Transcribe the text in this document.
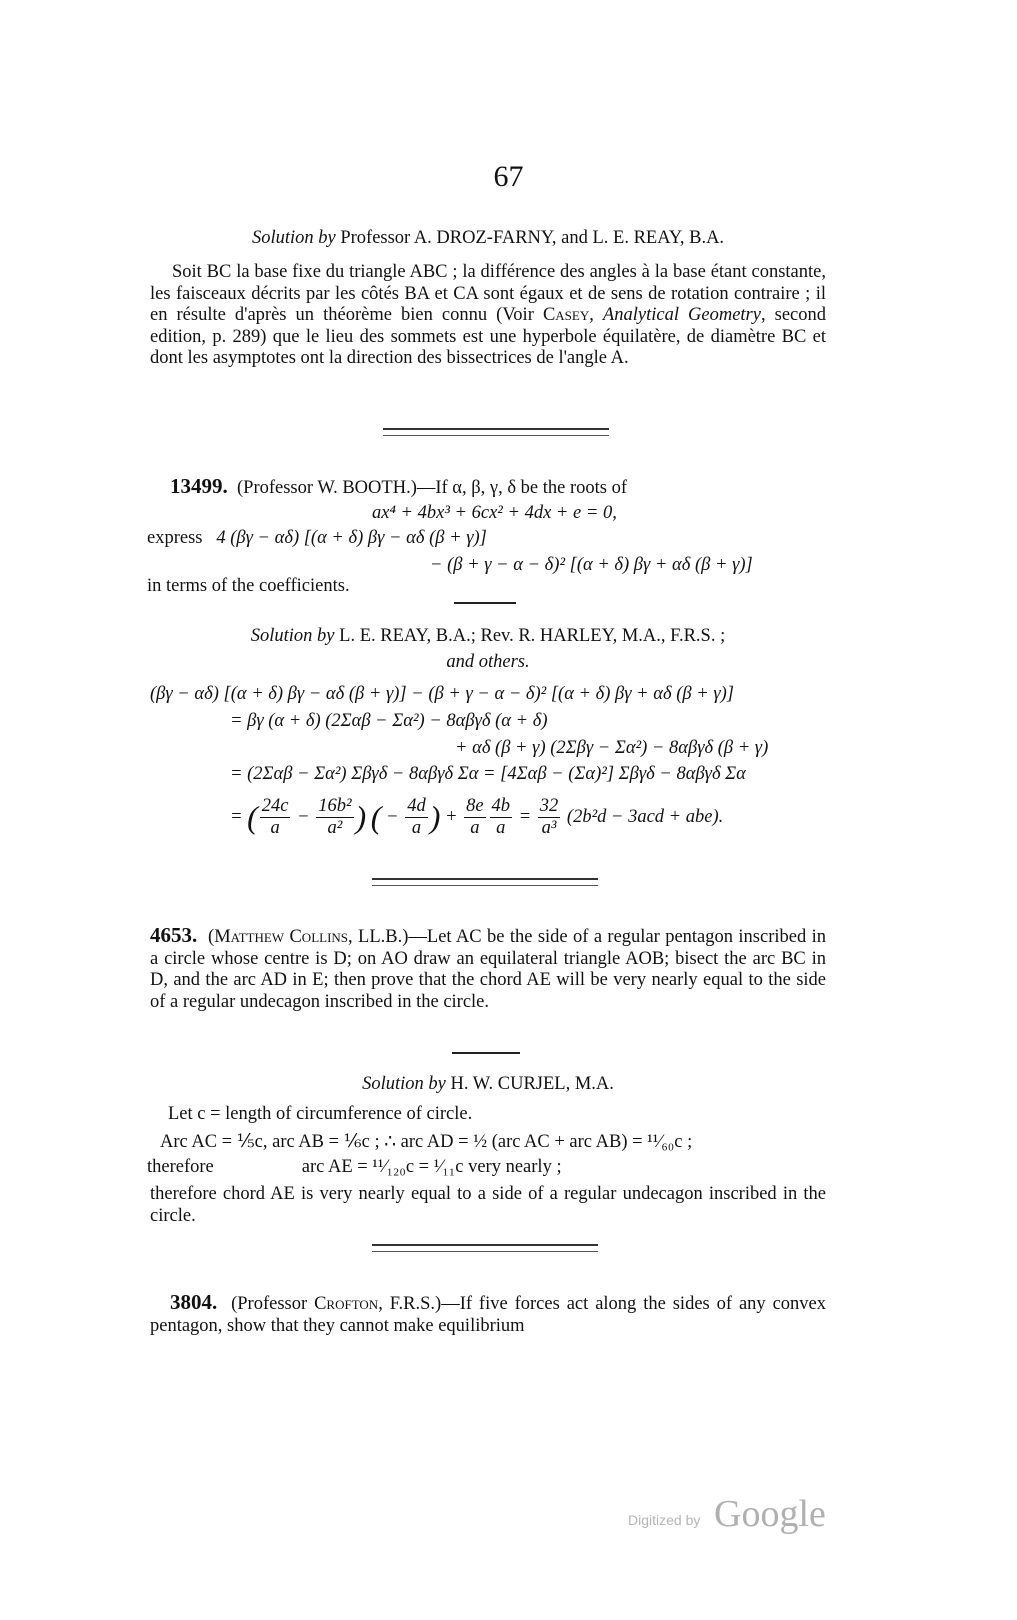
67
Solution by Professor A. DROZ-FARNY, and L. E. REAY, B.A.
Soit BC la base fixe du triangle ABC ; la différence des angles à la base étant constante, les faisceaux décrits par les côtés BA et CA sont égaux et de sens de rotation contraire ; il en résulte d'après un théorème bien connu (Voir Casey, Analytical Geometry, second edition, p. 289) que le lieu des sommets est une hyperbole équilatère, de diamètre BC et dont les asymptotes ont la direction des bissectrices de l'angle A.
13499. (Professor W. BOOTH.)—If α, β, γ, δ be the roots of
ax⁴ + 4bx³ + 6cx² + 4dx + e = 0,
express 4 (βγ − αδ) [(α + δ) βγ − αδ (β + γ)]
− (β + γ − α − δ)² [(α + δ) βγ + αδ (β + γ)]
in terms of the coefficients.
Solution by L. E. REAY, B.A.; Rev. R. HARLEY, M.A., F.R.S. ;
and others.
(βγ − αδ) [(α + δ) βγ − αδ (β + γ)] − (β + γ − α − δ)² [(α + δ) βγ + αδ (β + γ)]
= βγ (α + δ) (2Σαβ − Σα²) − 8αβγδ (α + δ)
+ αδ (β + γ) (2Σβγ − Σα²) − 8αβγδ (β + γ)
= (2Σαβ − Σα²) Σβγδ − 8αβγδ Σα = [4Σαβ − (Σα)²] Σβγδ − 8αβγδ Σα
= ( $\frac{24c}{a} - \frac{\text{16b²}}{\text{a²}}$ ) ( − $\frac{4d}{a}$ ) + $\frac{8e}{a} \frac{4b}{a} = \frac{32}{\text{a³}} (2b^2d - 3acd + abe)$.
4653. (Matthew Collins, LL.B.)—Let AC be the side of a regular pentagon inscribed in a circle whose centre is D; on AO draw an equilateral triangle AOB; bisect the arc BC in D, and the arc AD in E; then prove that the chord AE will be very nearly equal to the side of a regular undecagon inscribed in the circle.
Solution by H. W. CURJEL, M.A.
Let c = length of circumference of circle.
Arc AC = ⅕c, arc AB = ⅙c ; ∴ arc AD = ½ (arc AC + arc AB) = ¹¹⁄₆₀c ;
therefore	arc AE = ¹¹⁄₁₂₀c = ¹⁄₁₁c very nearly ;
therefore chord AE is very nearly equal to a side of a regular undecagon inscribed in the circle.
3804. (Professor Crofton, F.R.S.)—If five forces act along the sides of any convex pentagon, show that they cannot make equilibrium
Digitized by Google
